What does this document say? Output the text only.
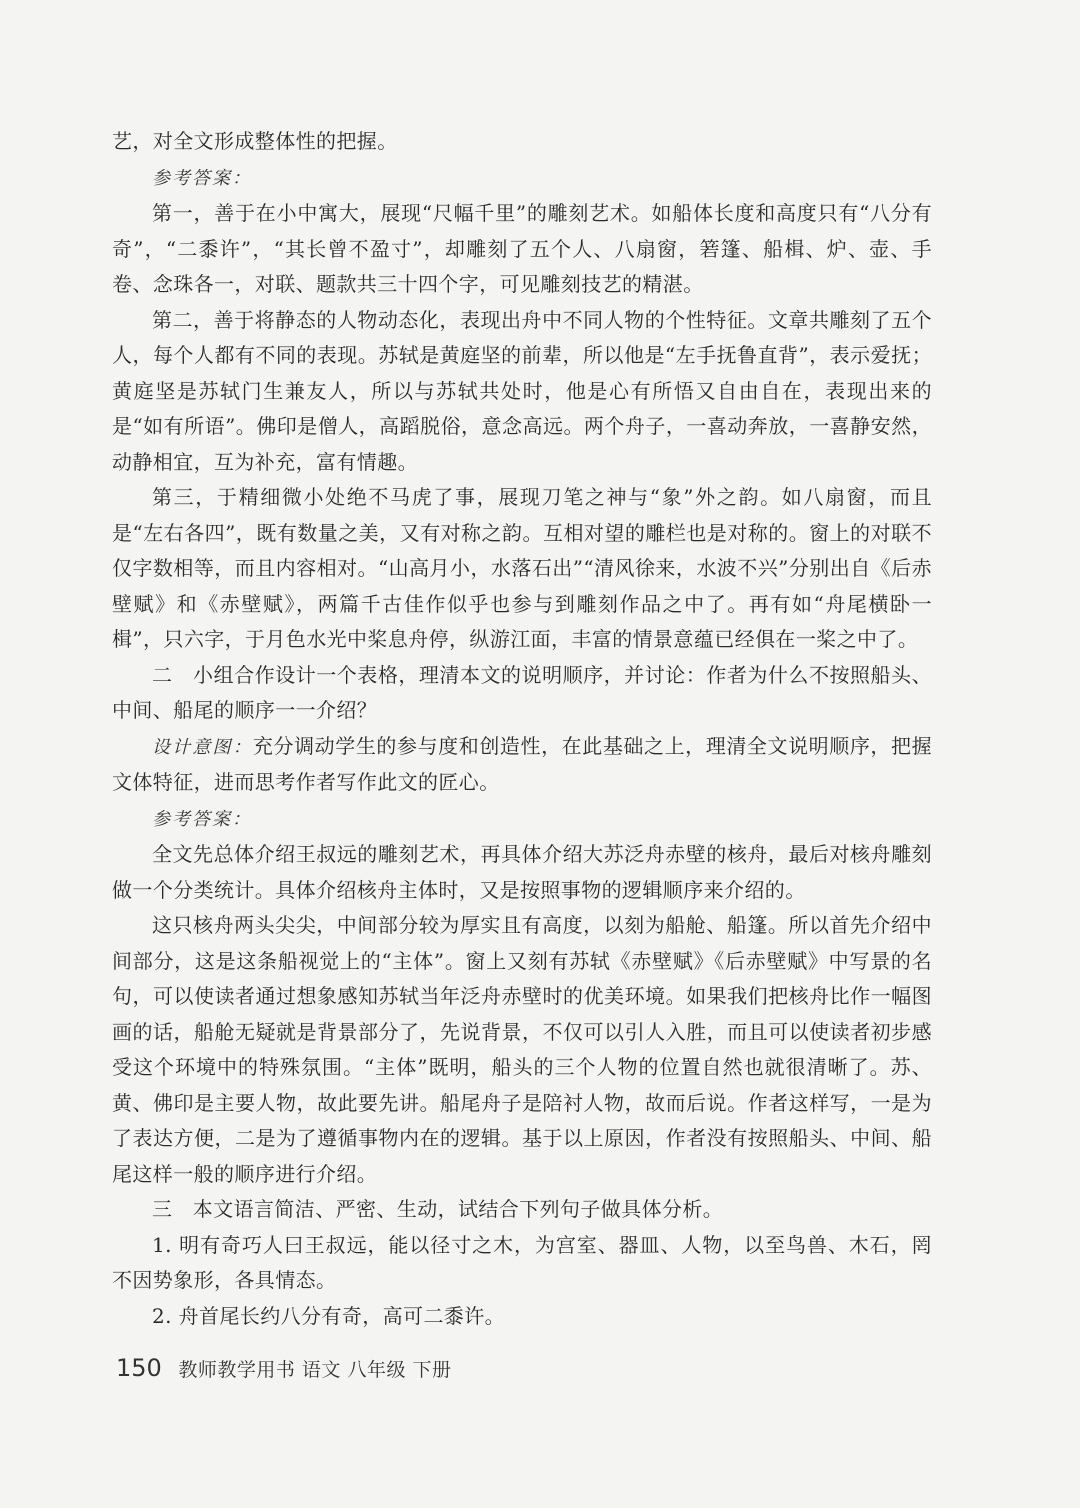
艺，对全文形成整体性的把握。

参考答案：

第一，善于在小中寓大，展现“尺幅千里”的雕刻艺术。如船体长度和高度只有“八分有奇”，“二黍许”，“其长曾不盈寸”，却雕刻了五个人、八扇窗，箬篷、船楫、炉、壶、手卷、念珠各一，对联、题款共三十四个字，可见雕刻技艺的精湛。

第二，善于将静态的人物动态化，表现出舟中不同人物的个性特征。文章共雕刻了五个人，每个人都有不同的表现。苏轼是黄庭坚的前辈，所以他是“左手抚鲁直背”，表示爱抚；黄庭坚是苏轼门生兼友人，所以与苏轼共处时，他是心有所悟又自由自在，表现出来的是“如有所语”。佛印是僧人，高蹈脱俗，意念高远。两个舟子，一喜动奔放，一喜静安然，动静相宜，互为补充，富有情趣。

第三，于精细微小处绝不马虎了事，展现刀笔之神与“象”外之韵。如八扇窗，而且是“左右各四”，既有数量之美，又有对称之韵。互相对望的雕栏也是对称的。窗上的对联不仅字数相等，而且内容相对。“山高月小，水落石出”“清风徐来，水波不兴”分别出自《后赤壁赋》和《赤壁赋》，两篇千古佳作似乎也参与到雕刻作品之中了。再有如“舟尾横卧一楫”，只六字，于月色水光中桨息舟停，纵游江面，丰富的情景意蕴已经俱在一桨之中了。

二　小组合作设计一个表格，理清本文的说明顺序，并讨论：作者为什么不按照船头、中间、船尾的顺序一一介绍？

设计意图：充分调动学生的参与度和创造性，在此基础之上，理清全文说明顺序，把握文体特征，进而思考作者写作此文的匠心。

参考答案：

全文先总体介绍王叔远的雕刻艺术，再具体介绍大苏泛舟赤壁的核舟，最后对核舟雕刻做一个分类统计。具体介绍核舟主体时，又是按照事物的逻辑顺序来介绍的。

这只核舟两头尖尖，中间部分较为厚实且有高度，以刻为船舱、船篷。所以首先介绍中间部分，这是这条船视觉上的“主体”。窗上又刻有苏轼《赤壁赋》《后赤壁赋》中写景的名句，可以使读者通过想象感知苏轼当年泛舟赤壁时的优美环境。如果我们把核舟比作一幅图画的话，船舱无疑就是背景部分了，先说背景，不仅可以引人入胜，而且可以使读者初步感受这个环境中的特殊氛围。“主体”既明，船头的三个人物的位置自然也就很清晰了。苏、黄、佛印是主要人物，故此要先讲。船尾舟子是陪衬人物，故而后说。作者这样写，一是为了表达方便，二是为了遵循事物内在的逻辑。基于以上原因，作者没有按照船头、中间、船尾这样一般的顺序进行介绍。

三　本文语言简洁、严密、生动，试结合下列句子做具体分析。

1. 明有奇巧人曰王叔远，能以径寸之木，为宫室、器皿、人物，以至鸟兽、木石，罔不因势象形，各具情态。

2. 舟首尾长约八分有奇，高可二黍许。

150 教师教学用书 语文 八年级 下册
